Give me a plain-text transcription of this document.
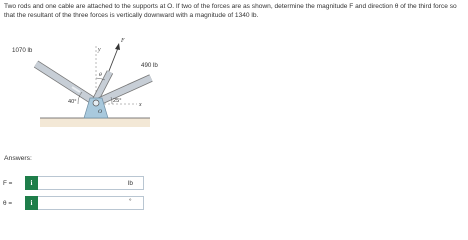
Two rods and one cable are attached to the supports at O. If two of the forces are as shown, determine the magnitude F and direction θ of the third force so that the resultant of the three forces is vertically downward with a magnitude of 1340 lb.
1070 lb
490 lb
F
y
x
θ
40°	25°
O
Answers:
F =	i	lb
θ =	i	°
